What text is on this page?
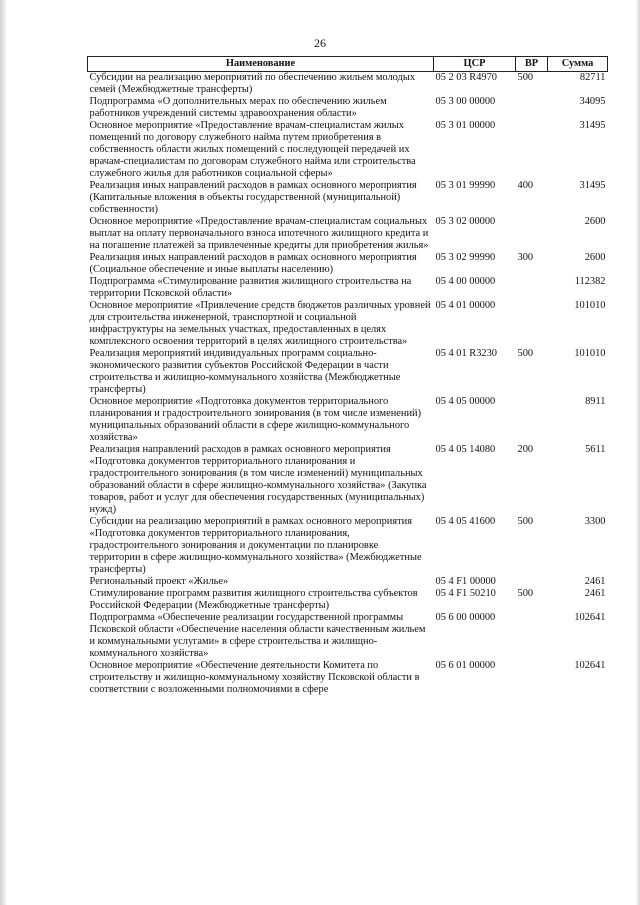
26
Наименование	ЦСР	ВР	Сумма
Субсидии на реализацию мероприятий по обеспечению жильем молодых семей (Межбюджетные трансферты)	05 2 03 R4970	500	82711
Подпрограмма «О дополнительных мерах по обеспечению жильем работников учреждений системы здравоохранения области»	05 3 00 00000		34095
Основное мероприятие «Предоставление врачам-специалистам жилых помещений по договору служебного найма путем приобретения в собственность области жилых помещений с последующей передачей их врачам-специалистам по договорам служебного найма или строительства служебного жилья для работников социальной сферы»	05 3 01 00000		31495
Реализация иных направлений расходов в рамках основного мероприятия (Капитальные вложения в объекты государственной (муниципальной) собственности)	05 3 01 99990	400	31495
Основное мероприятие «Предоставление врачам-специалистам социальных выплат на оплату первоначального взноса ипотечного жилищного кредита и на погашение платежей за привлеченные кредиты для приобретения жилья»	05 3 02 00000		2600
Реализация иных направлений расходов в рамках основного мероприятия (Социальное обеспечение и иные выплаты населению)	05 3 02 99990	300	2600
Подпрограмма «Стимулирование развития жилищного строительства на территории Псковской области»	05 4 00 00000		112382
Основное мероприятие «Привлечение средств бюджетов различных уровней для строительства инженерной, транспортной и социальной инфраструктуры на земельных участках, предоставленных в целях комплексного освоения территорий в целях жилищного строительства»	05 4 01 00000		101010
Реализация мероприятий индивидуальных программ социально-экономического развития субъектов Российской Федерации в части строительства и жилищно-коммунального хозяйства (Межбюджетные трансферты)	05 4 01 R3230	500	101010
Основное мероприятие «Подготовка документов территориального планирования и градостроительного зонирования (в том числе изменений) муниципальных образований области в сфере жилищно-коммунального хозяйства»	05 4 05 00000		8911
Реализация направлений расходов в рамках основного мероприятия «Подготовка документов территориального планирования и градостроительного зонирования (в том числе изменений) муниципальных образований области в сфере жилищно-коммунального хозяйства» (Закупка товаров, работ и услуг для обеспечения государственных (муниципальных) нужд)	05 4 05 14080	200	5611
Субсидии на реализацию мероприятий в рамках основного мероприятия «Подготовка документов территориального планирования, градостроительного зонирования и документации по планировке территории в сфере жилищно-коммунального хозяйства» (Межбюджетные трансферты)	05 4 05 41600	500	3300
Региональный проект «Жилье»	05 4 F1 00000		2461
Стимулирование программ развития жилищного строительства субъектов Российской Федерации (Межбюджетные трансферты)	05 4 F1 50210	500	2461
Подпрограмма «Обеспечение реализации государственной программы Псковской области «Обеспечение населения области качественным жильем и коммунальными услугами» в сфере строительства и жилищно-коммунального хозяйства»	05 6 00 00000		102641
Основное мероприятие «Обеспечение деятельности Комитета по строительству и жилищно-коммунальному хозяйству Псковской области в соответствии с возложенными полномочиями в сфере	05 6 01 00000		102641
